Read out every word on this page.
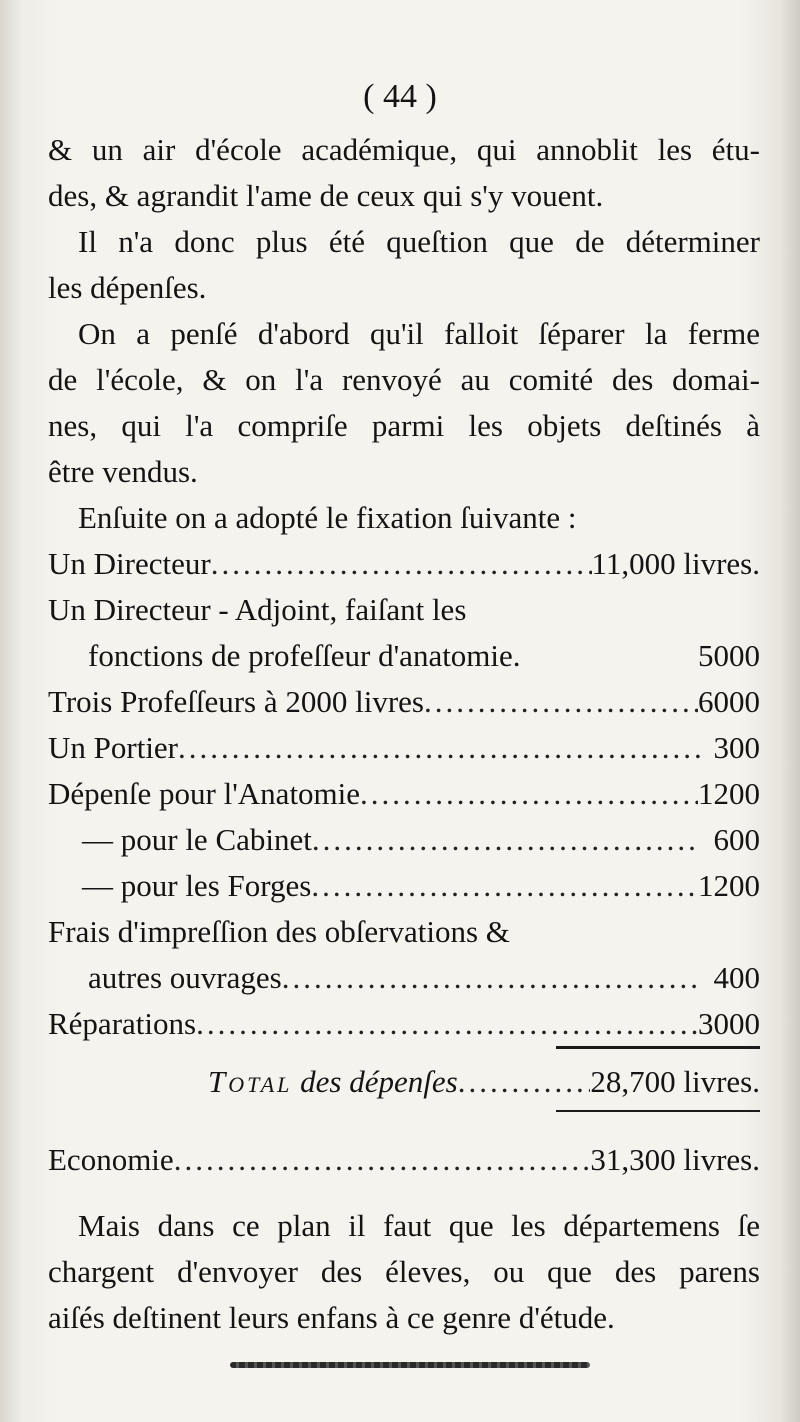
( 44 )
& un air d'école académique, qui annoblit les étu-
des, & agrandit l'ame de ceux qui s'y vouent.
Il n'a donc plus été queſtion que de déterminer
les dépenſes.
On a penſé d'abord qu'il falloit ſéparer la ferme
de l'école, & on l'a renvoyé au comité des domai-
nes, qui l'a compriſe parmi les objets deſtinés à
être vendus.
Enſuite on a adopté le fixation ſuivante :
Un Directeur .....	11,000 livres.
Un Directeur - Adjoint, faiſant les
fonctions de profeſſeur d'anatomie.	5000
Trois Profeſſeurs à 2000 livres .....	6000
Un Portier .....	300
Dépenſe pour l'Anatomie .....	1200
— pour le Cabinet .....	600
— pour les Forges .....	1200
Frais d'impreſſion des obſervations &
autres ouvrages .....	400
Réparations .....	3000
Total des dépenſes .....	28,700 livres.
Economie .....	31,300 livres.
Mais dans ce plan il faut que les départemens ſe
chargent d'envoyer des éleves, ou que des parens
aiſés deſtinent leurs enfans à ce genre d'étude.
